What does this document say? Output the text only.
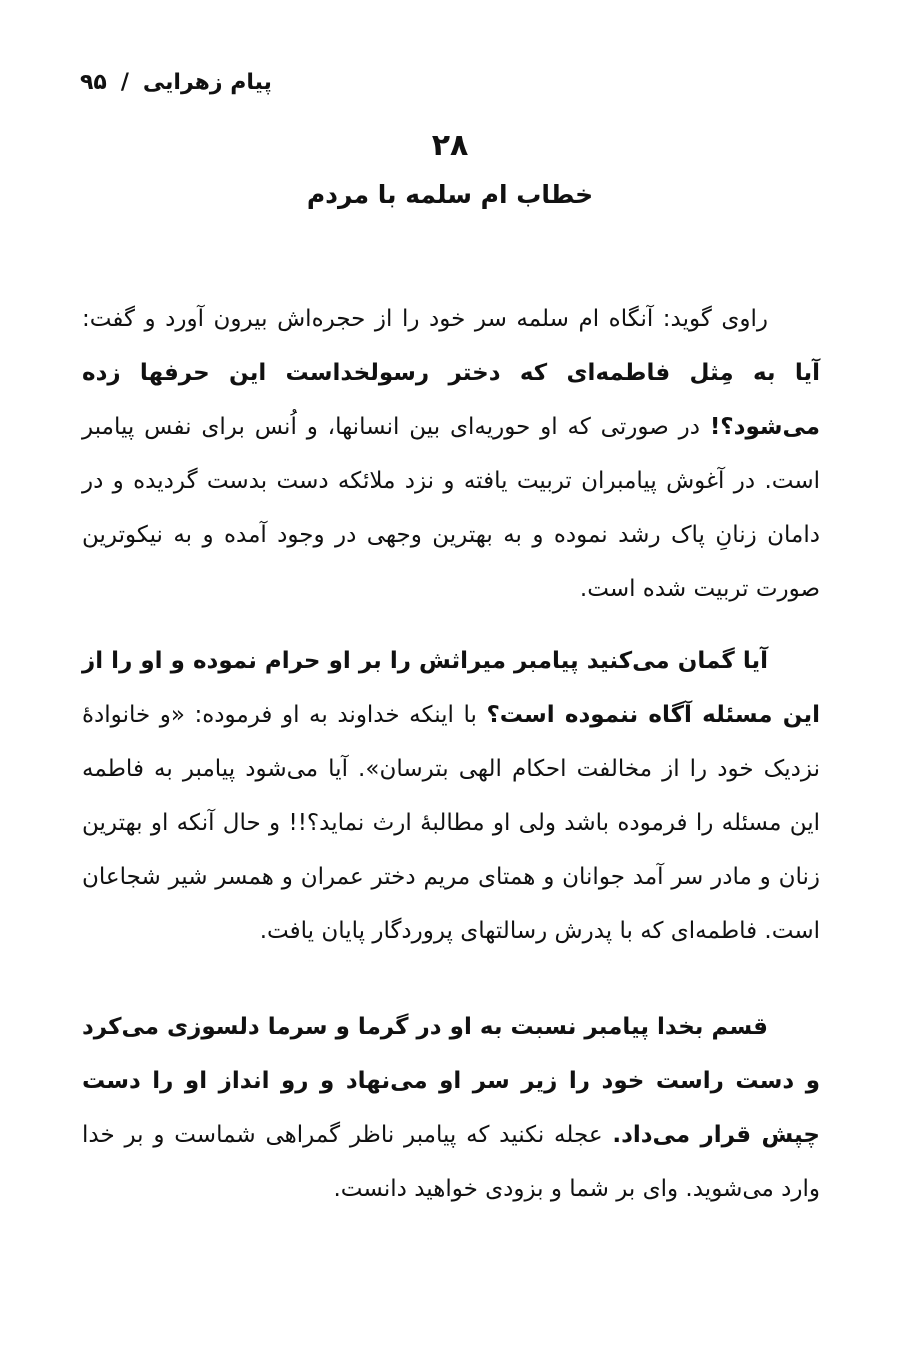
پیام زهرایی/۹۵
۲۸
خطاب ام سلمه با مردم

راوی گوید: آنگاه ام سلمه سر خود را از حجره‌اش بیرون آورد و گفت: آیا به مِثل فاطمه‌ای که دختر رسولخداست این حرفها زده می‌شود؟! در صورتی که او حوریه‌ای بین انسانها، و اُنس برای نفس پیامبر است. در آغوش پیامبران تربیت یافته و نزد ملائکه دست بدست گردیده و در دامان زنانِ پاک رشد نموده و به بهترین وجهی در وجود آمده و به نیکوترین صورت تربیت شده است.

آیا گمان می‌کنید پیامبر میراثش را بر او حرام نموده و او را از این مسئله آگاه ننموده است؟ با اینکه خداوند به او فرموده: «و خانوادهٔ نزدیک خود را از مخالفت احکام الهی بترسان». آیا می‌شود پیامبر به فاطمه این مسئله را فرموده باشد ولی او مطالبهٔ ارث نماید؟!! و حال آنکه او بهترین زنان و مادر سر آمد جوانان و همتای مریم دختر عمران و همسر شیر شجاعان است. فاطمه‌ای که با پدرش رسالتهای پروردگار پایان یافت.

قسم بخدا پیامبر نسبت به او در گرما و سرما دلسوزی می‌کرد و دست راست خود را زیر سر او می‌نهاد و رو انداز او را دست چپش قرار می‌داد. عجله نکنید که پیامبر ناظر گمراهی شماست و بر خدا وارد می‌شوید. وای بر شما و بزودی خواهید دانست.
